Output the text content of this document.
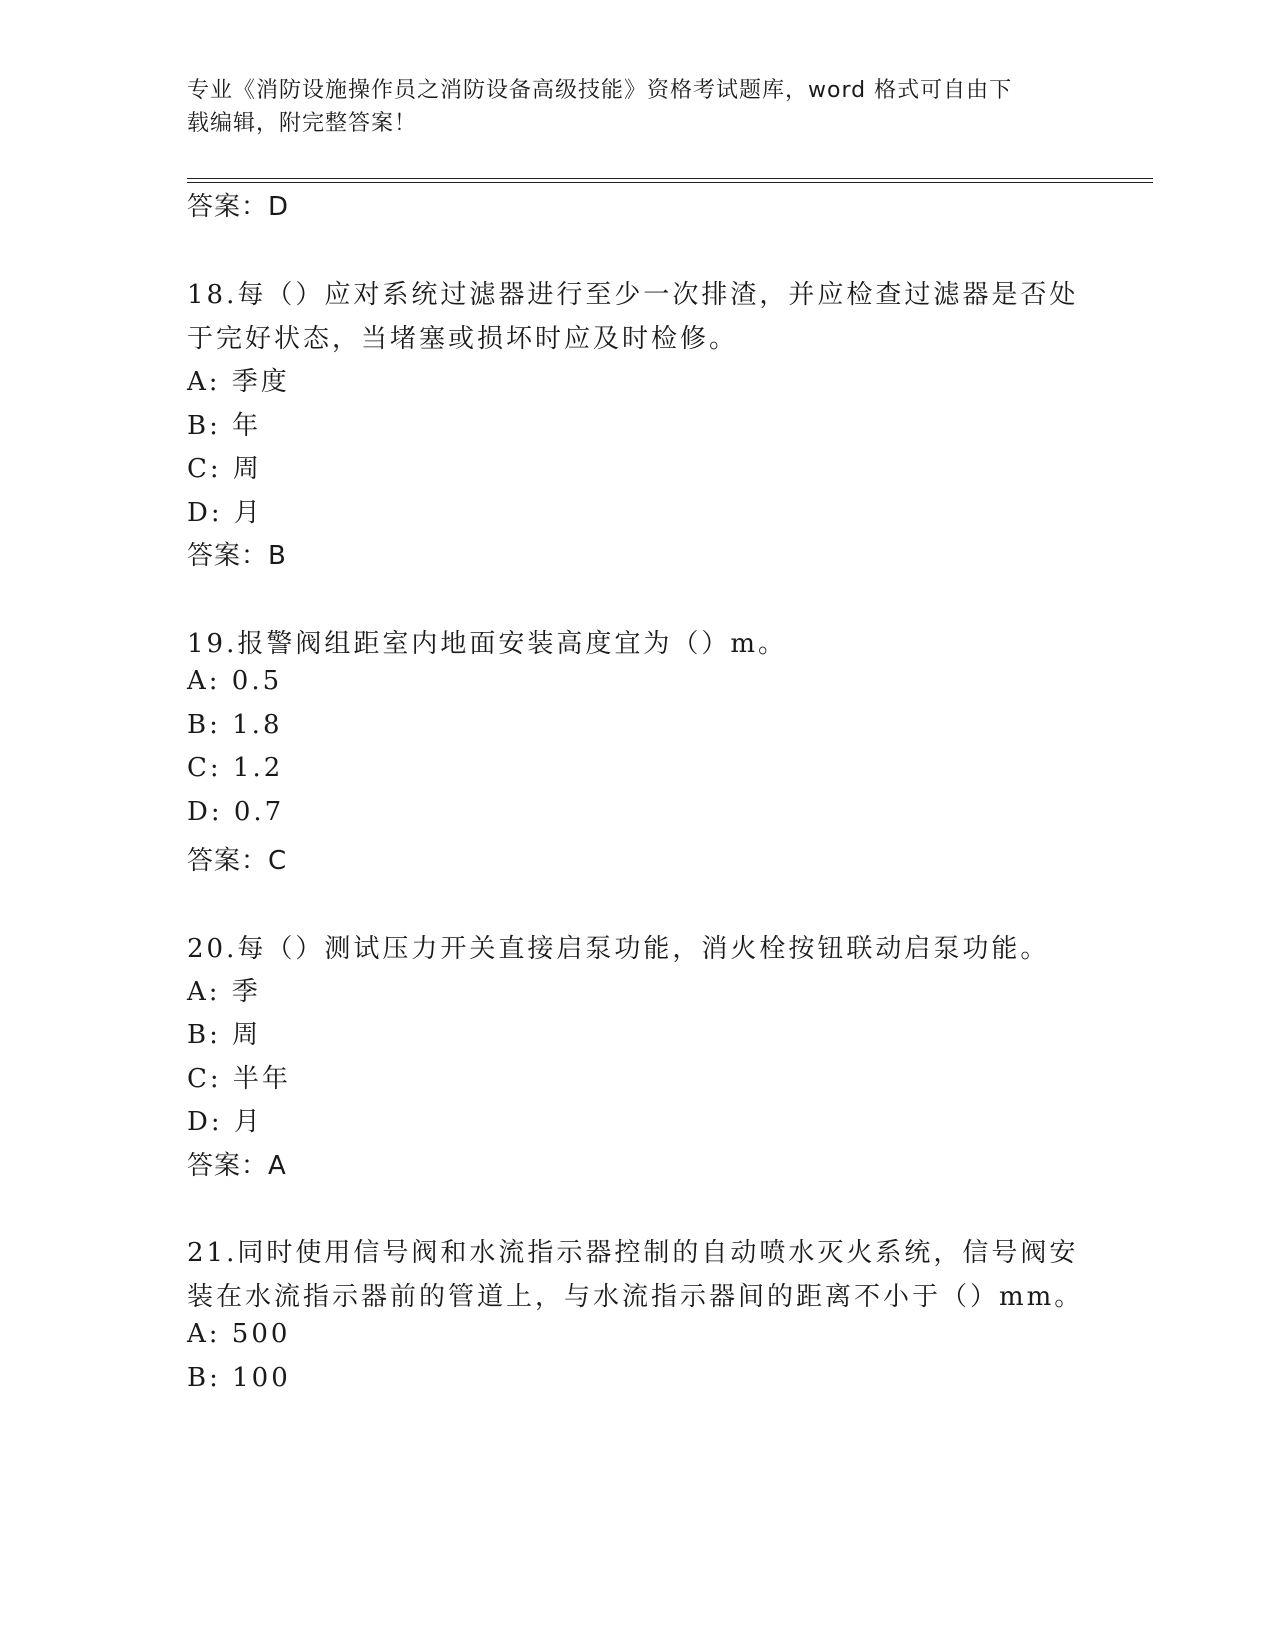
专业《消防设施操作员之消防设备高级技能》资格考试题库，word 格式可自由下
载编辑，附完整答案！
答案：D
18.每（）应对系统过滤器进行至少一次排渣，并应检查过滤器是否处
于完好状态，当堵塞或损坏时应及时检修。
A: 季度
B: 年
C: 周
D: 月
答案：B
19.报警阀组距室内地面安装高度宜为（）m。
A: 0.5
B: 1.8
C: 1.2
D: 0.7
答案：C
20.每（）测试压力开关直接启泵功能，消火栓按钮联动启泵功能。
A: 季
B: 周
C: 半年
D: 月
答案：A
21.同时使用信号阀和水流指示器控制的自动喷水灭火系统，信号阀安
装在水流指示器前的管道上，与水流指示器间的距离不小于（）mm。
A: 500
B: 100
